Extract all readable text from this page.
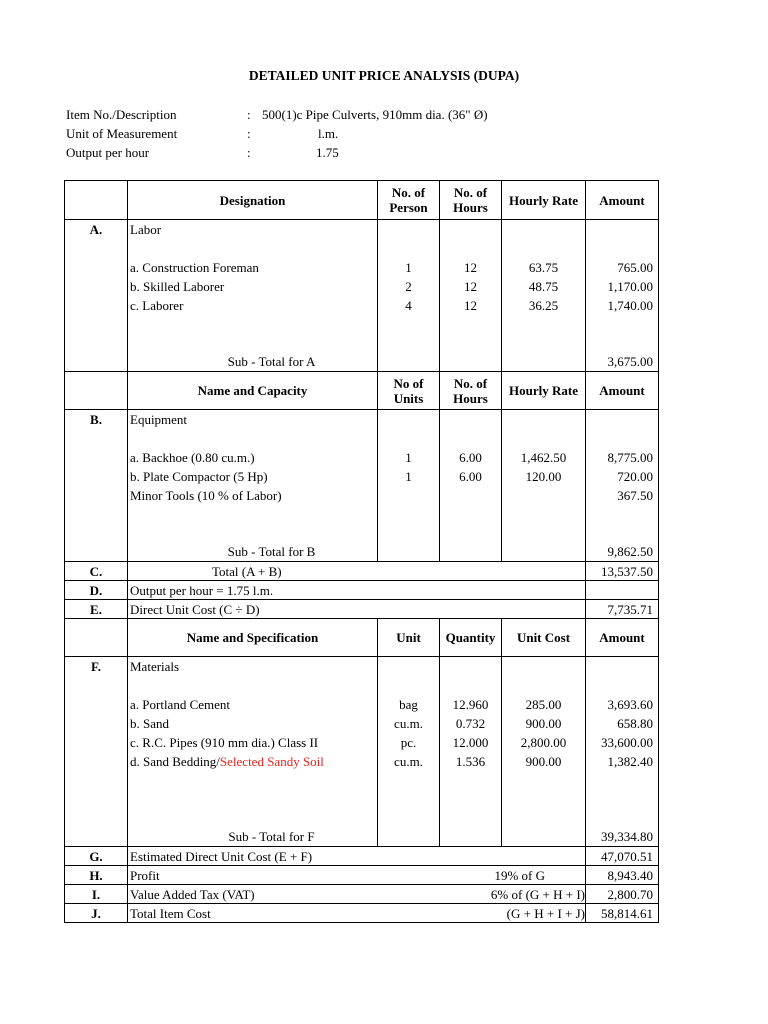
DETAILED UNIT PRICE ANALYSIS (DUPA)
Item No./Description	: 500(1)c Pipe Culverts, 910mm dia. (36" Ø)
Unit of Measurement	:	l.m.
Output per hour	:	1.75
	Designation	No. of Person	No. of Hours	Hourly Rate	Amount
A.	Labor				

	a. Construction Foreman	1	12	63.75	765.00
	b. Skilled Laborer	2	12	48.75	1,170.00
	c. Laborer	4	12	36.25	1,740.00

	Sub - Total for A				3,675.00
	Name and Capacity	No of Units	No. of Hours	Hourly Rate	Amount
B.	Equipment				

	a. Backhoe (0.80 cu.m.)	1	6.00	1,462.50	8,775.00
	b. Plate Compactor (5 Hp)	1	6.00	120.00	720.00
	Minor Tools (10 % of Labor)				367.50

	Sub - Total for B				9,862.50
C.	Total (A + B)				13,537.50
D.	Output per hour = 1.75 l.m.				
E.	Direct Unit Cost (C ÷ D)				7,735.71
	Name and Specification	Unit	Quantity	Unit Cost	Amount
F.	Materials				

	a. Portland Cement	bag	12.960	285.00	3,693.60
	b. Sand	cu.m.	0.732	900.00	658.80
	c. R.C. Pipes (910 mm dia.) Class II	pc.	12.000	2,800.00	33,600.00
	d. Sand Bedding/Selected Sandy Soil	cu.m.	1.536	900.00	1,382.40

	Sub - Total for F				39,334.80
G.	Estimated Direct Unit Cost (E + F)				47,070.51
H.	Profit		19% of G		8,943.40
I.	Value Added Tax (VAT)		6% of (G + H + I)		2,800.70
J.	Total Item Cost		(G + H + I + J)		58,814.61
